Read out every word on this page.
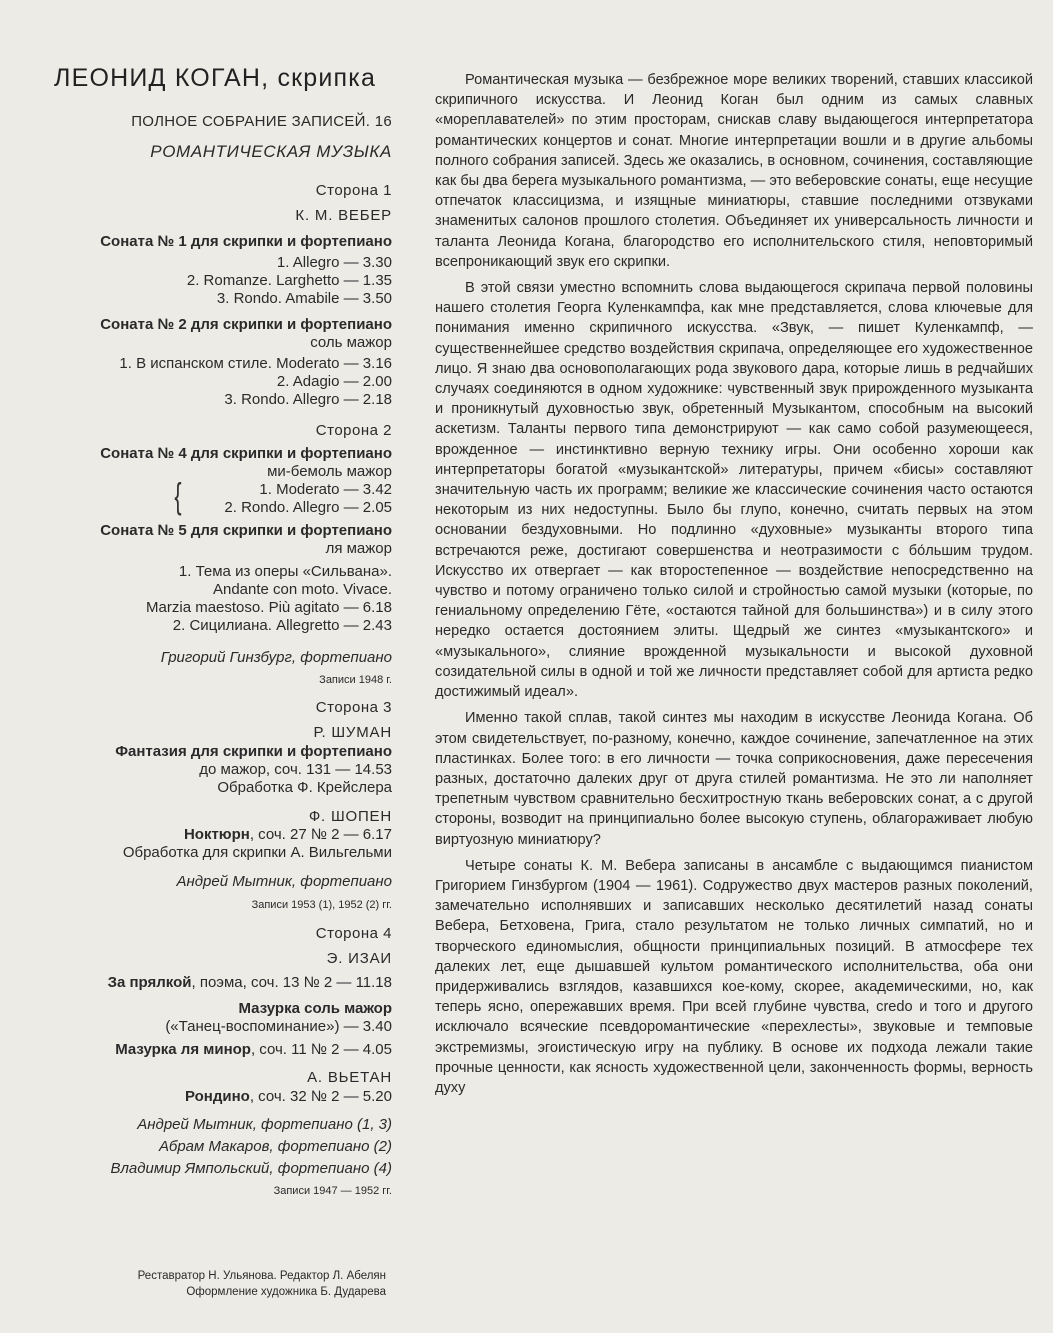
ЛЕОНИД КОГАН, скрипка
ПОЛНОЕ СОБРАНИЕ ЗАПИСЕЙ. 16
РОМАНТИЧЕСКАЯ МУЗЫКА
Сторона 1
К. М. ВЕБЕР
Соната № 1 для скрипки и фортепиано
1. Allegro — 3.30
2. Romanze. Larghetto — 1.35
3. Rondo. Amabile — 3.50
Соната № 2 для скрипки и фортепиано
соль мажор
1. В испанском стиле. Moderato — 3.16
2. Adagio — 2.00
3. Rondo. Allegro — 2.18
Сторона 2
Соната № 4 для скрипки и фортепиано
ми-бемоль мажор
{	1. Moderato — 3.42
2. Rondo. Allegro — 2.05
Соната № 5 для скрипки и фортепиано
ля мажор
1. Тема из оперы «Сильвана».
Andante con moto. Vivace.
Marzia maestoso. Più agitato — 6.18
2. Сицилиана. Allegretto — 2.43
Григорий Гинзбург, фортепиано
Записи 1948 г.
Сторона 3
Р. ШУМАН
Фантазия для скрипки и фортепиано
до мажор, соч. 131 — 14.53
Обработка Ф. Крейслера
Ф. ШОПЕН
Ноктюрн, соч. 27 № 2 — 6.17
Обработка для скрипки А. Вильгельми
Андрей Мытник, фортепиано
Записи 1953 (1), 1952 (2) гг.
Сторона 4
Э. ИЗАИ
За прялкой, поэма, соч. 13 № 2 — 11.18
Мазурка соль мажор
(«Танец-воспоминание») — 3.40
Мазурка ля минор, соч. 11 № 2 — 4.05
А. ВЬЕТАН
Рондино, соч. 32 № 2 — 5.20
Андрей Мытник, фортепиано (1, 3)
Абрам Макаров, фортепиано (2)
Владимир Ямпольский, фортепиано (4)
Записи 1947 — 1952 гг.
Реставратор Н. Ульянова. Редактор Л. Абелян
Оформление художника Б. Дударева

Романтическая музыка — безбрежное море великих творений, ставших классикой скрипичного искусства. И Леонид Коган был одним из самых славных «мореплавателей» по этим просторам, снискав славу выдающегося интерпретатора романтических концертов и сонат. Многие интерпретации вошли и в другие альбомы полного собрания записей. Здесь же оказались, в основном, сочинения, составляющие как бы два берега музыкального романтизма, — это веберовские сонаты, еще несущие отпечаток классицизма, и изящные миниатюры, ставшие последними отзвуками знаменитых салонов прошлого столетия. Объединяет их универсальность личности и таланта Леонида Когана, благородство его исполнительского стиля, неповторимый всепроникающий звук его скрипки.

В этой связи уместно вспомнить слова выдающегося скрипача первой половины нашего столетия Георга Куленкампфа, как мне представляется, слова ключевые для понимания именно скрипичного искусства. «Звук, — пишет Куленкампф, — существеннейшее средство воздействия скрипача, определяющее его художественное лицо. Я знаю два основополагающих рода звукового дара, которые лишь в редчайших случаях соединяются в одном художнике: чувственный звук прирожденного музыканта и проникнутый духовностью звук, обретенный Музыкантом, способным на высокий аскетизм. Таланты первого типа демонстрируют — как само собой разумеющееся, врожденное — инстинктивно верную технику игры. Они особенно хороши как интерпретаторы богатой «музыкантской» литературы, причем «бисы» составляют значительную часть их программ; великие же классические сочинения часто остаются некоторым из них недоступны. Было бы глупо, конечно, считать первых на этом основании бездуховными. Но подлинно «духовные» музыканты второго типа встречаются реже, достигают совершенства и неотразимости с бо́льшим трудом. Искусство их отвергает — как второстепенное — воздействие непосредственно на чувство и потому ограничено только силой и стройностью самой музыки (которые, по гениальному определению Гёте, «остаются тайной для большинства») и в силу этого нередко остается достоянием элиты. Щедрый же синтез «музыкантского» и «музыкального», слияние врожденной музыкальности и высокой духовной созидательной силы в одной и той же личности представляет собой для артиста редко достижимый идеал».

Именно такой сплав, такой синтез мы находим в искусстве Леонида Когана. Об этом свидетельствует, по-разному, конечно, каждое сочинение, запечатленное на этих пластинках. Более того: в его личности — точка соприкосновения, даже пересечения разных, достаточно далеких друг от друга стилей романтизма. Не это ли наполняет трепетным чувством сравнительно бесхитростную ткань веберовских сонат, а с другой стороны, возводит на принципиально более высокую ступень, облагораживает любую виртуозную миниатюру?

Четыре сонаты К. М. Вебера записаны в ансамбле с выдающимся пианистом Григорием Гинзбургом (1904 — 1961). Содружество двух мастеров разных поколений, замечательно исполнявших и записавших несколько десятилетий назад сонаты Вебера, Бетховена, Грига, стало результатом не только личных симпатий, но и творческого единомыслия, общности принципиальных позиций. В атмосфере тех далеких лет, еще дышавшей культом романтического исполнительства, оба они придерживались взглядов, казавшихся кое-кому, скорее, академическими, но, как теперь ясно, опережавших время. При всей глубине чувства, credo и того и другого исключало всяческие псевдоромантические «перехлесты», звуковые и темповые экстремизмы, эгоистическую игру на публику. В основе их подхода лежали такие прочные ценности, как ясность художественной цели, законченность формы, верность духу
